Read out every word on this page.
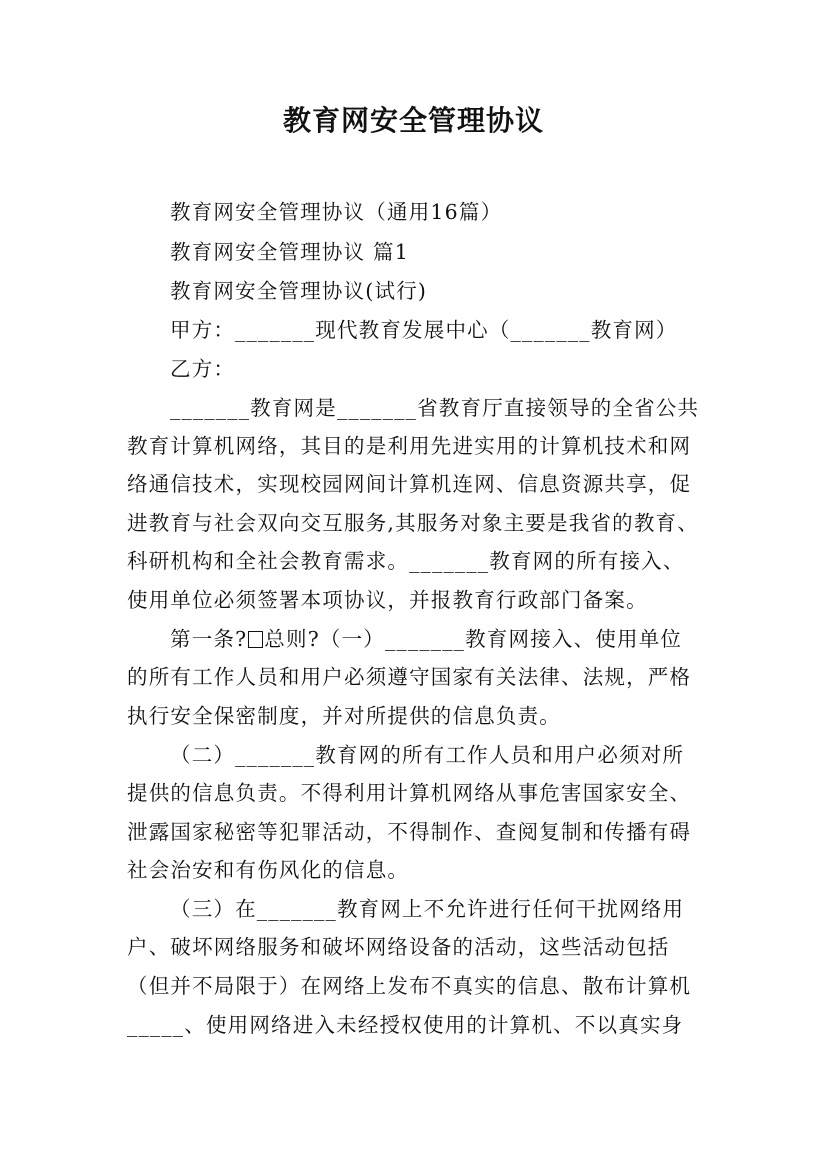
教育网安全管理协议
教育网安全管理协议（通用16篇）
教育网安全管理协议 篇1
教育网安全管理协议(试行)
甲方：_______现代教育发展中心（_______教育网）
乙方：
_______教育网是_______省教育厅直接领导的全省公共
教育计算机网络，其目的是利用先进实用的计算机技术和网
络通信技术，实现校园网间计算机连网、信息资源共享，促
进教育与社会双向交互服务,其服务对象主要是我省的教育、
科研机构和全社会教育需求。_______教育网的所有接入、
使用单位必须签署本项协议，并报教育行政部门备案。
第一条? 总则?（一）_______教育网接入、使用单位
的所有工作人员和用户必须遵守国家有关法律、法规，严格
执行安全保密制度，并对所提供的信息负责。
（二）_______教育网的所有工作人员和用户必须对所
提供的信息负责。不得利用计算机网络从事危害国家安全、
泄露国家秘密等犯罪活动，不得制作、查阅复制和传播有碍
社会治安和有伤风化的信息。
（三）在_______教育网上不允许进行任何干扰网络用
户、破坏网络服务和破坏网络设备的活动，这些活动包括
（但并不局限于）在网络上发布不真实的信息、散布计算机
_____、使用网络进入未经授权使用的计算机、不以真实身
